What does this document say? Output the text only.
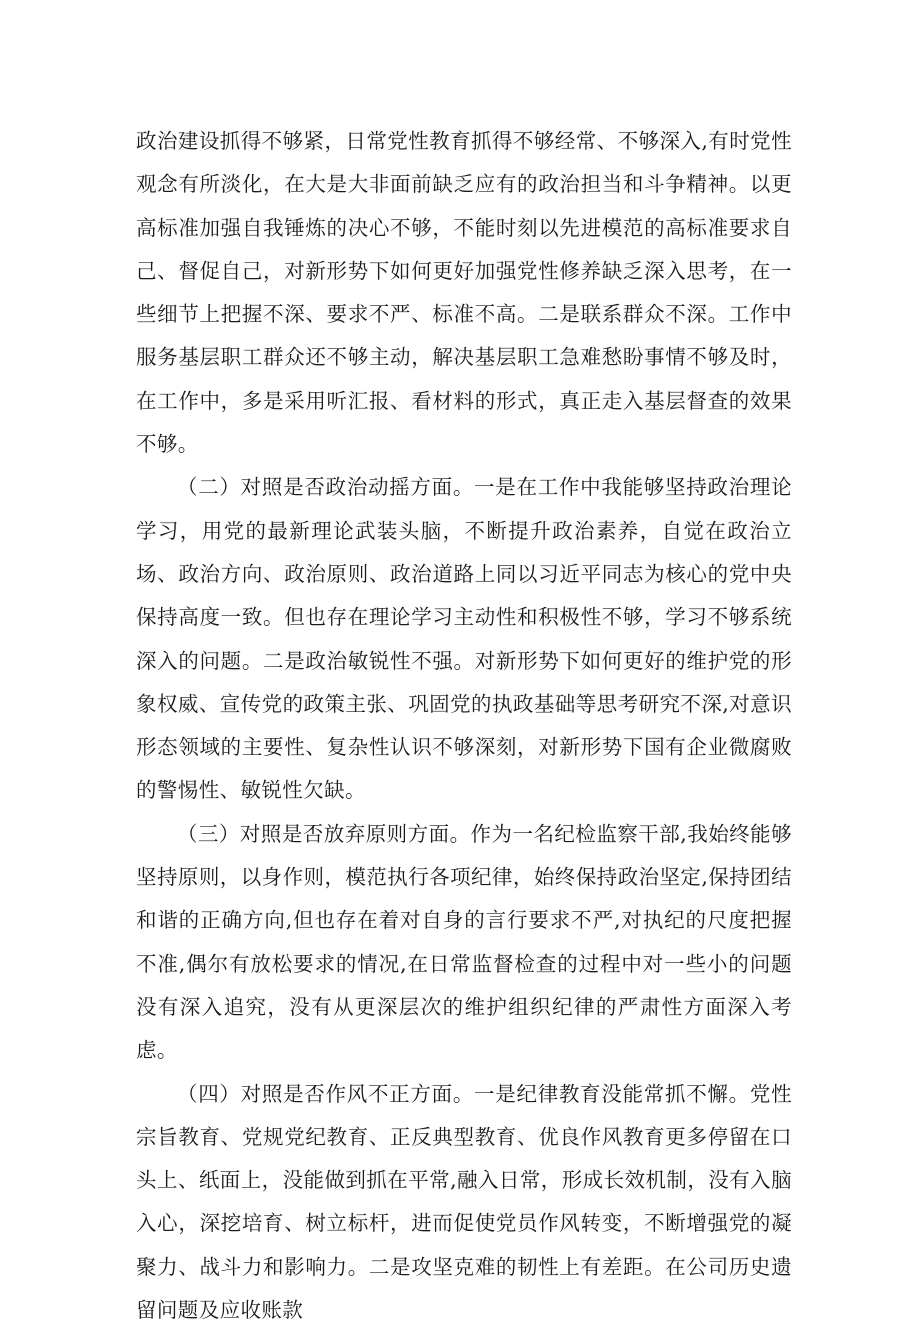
政治建设抓得不够紧，日常党性教育抓得不够经常、不够深入,有时党性观念有所淡化，在大是大非面前缺乏应有的政治担当和斗争精神。以更高标准加强自我锤炼的决心不够，不能时刻以先进模范的高标准要求自己、督促自己，对新形势下如何更好加强党性修养缺乏深入思考，在一些细节上把握不深、要求不严、标准不高。二是联系群众不深。工作中服务基层职工群众还不够主动，解决基层职工急难愁盼事情不够及时，在工作中，多是采用听汇报、看材料的形式，真正走入基层督查的效果不够。

（二）对照是否政治动摇方面。一是在工作中我能够坚持政治理论学习，用党的最新理论武装头脑，不断提升政治素养，自觉在政治立场、政治方向、政治原则、政治道路上同以习近平同志为核心的党中央保持高度一致。但也存在理论学习主动性和积极性不够，学习不够系统深入的问题。二是政治敏锐性不强。对新形势下如何更好的维护党的形象权威、宣传党的政策主张、巩固党的执政基础等思考研究不深,对意识形态领域的主要性、复杂性认识不够深刻，对新形势下国有企业微腐败的警惕性、敏锐性欠缺。

（三）对照是否放弃原则方面。作为一名纪检监察干部,我始终能够坚持原则，以身作则，模范执行各项纪律，始终保持政治坚定,保持团结和谐的正确方向,但也存在着对自身的言行要求不严,对执纪的尺度把握不准,偶尔有放松要求的情况,在日常监督检查的过程中对一些小的问题没有深入追究，没有从更深层次的维护组织纪律的严肃性方面深入考虑。

（四）对照是否作风不正方面。一是纪律教育没能常抓不懈。党性宗旨教育、党规党纪教育、正反典型教育、优良作风教育更多停留在口头上、纸面上，没能做到抓在平常,融入日常，形成长效机制，没有入脑入心，深挖培育、树立标杆，进而促使党员作风转变，不断增强党的凝聚力、战斗力和影响力。二是攻坚克难的韧性上有差距。在公司历史遗留问题及应收账款
